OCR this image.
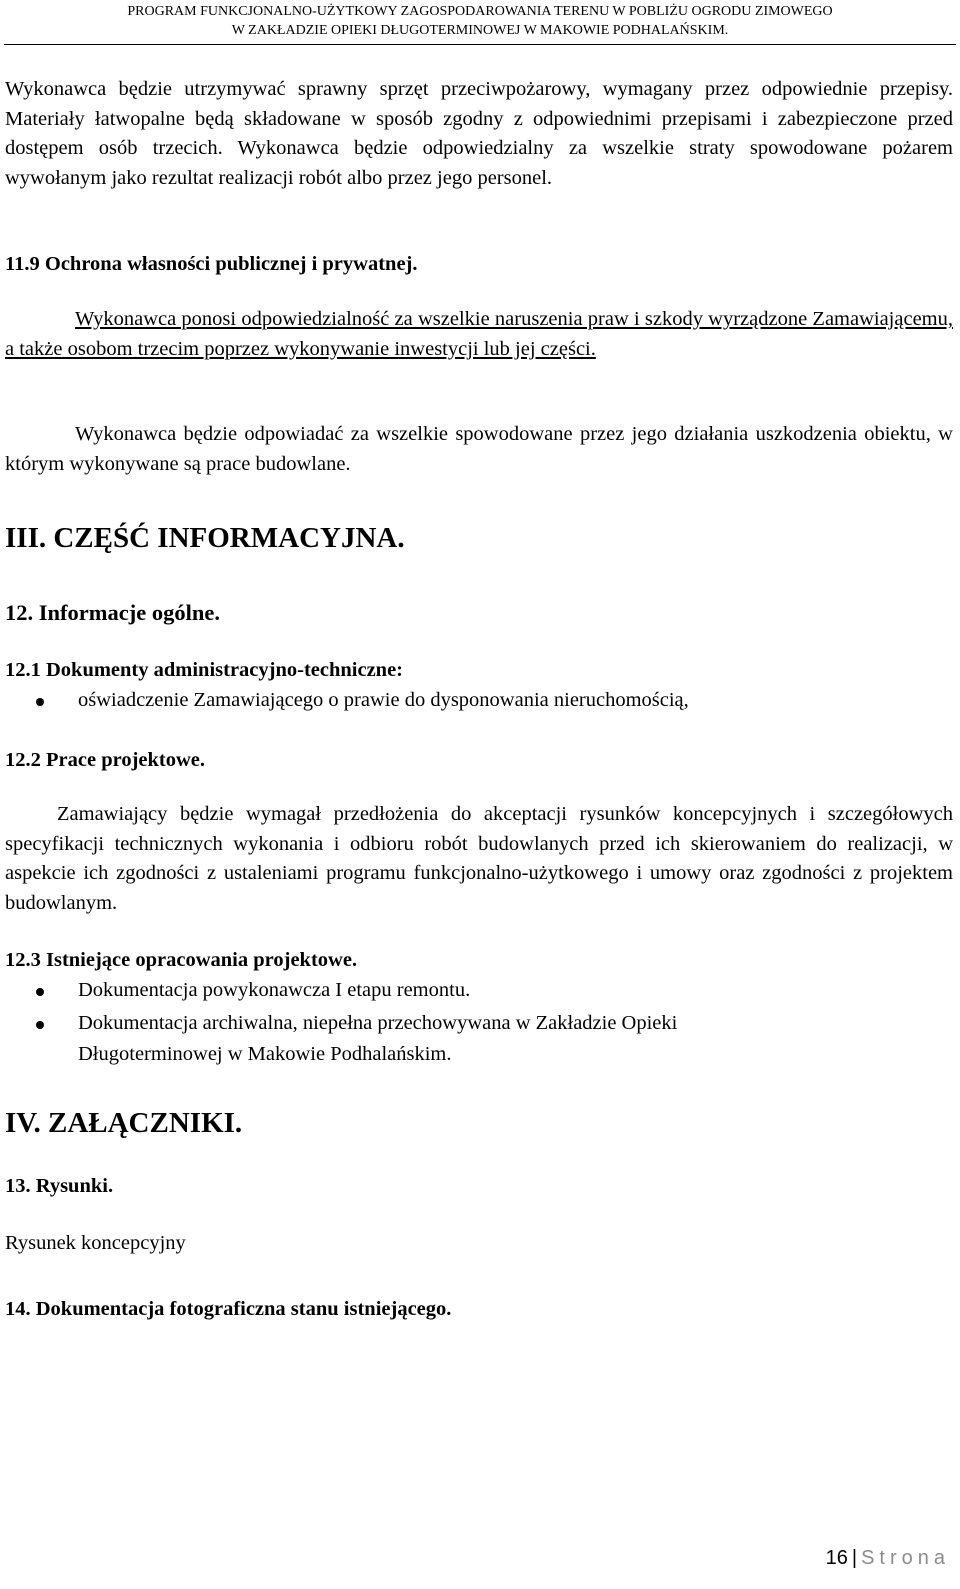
PROGRAM FUNKCJONALNO-UŻYTKOWY ZAGOSPODAROWANIA TERENU W POBLIŻU OGRODU ZIMOWEGO
W ZAKŁADZIE OPIEKI DŁUGOTERMINOWEJ W MAKOWIE PODHALAŃSKIM.

Wykonawca będzie utrzymywać sprawny sprzęt przeciwpożarowy, wymagany przez odpowiednie przepisy. Materiały łatwopalne będą składowane w sposób zgodny z odpowiednimi przepisami i zabezpieczone przed dostępem osób trzecich. Wykonawca będzie odpowiedzialny za wszelkie straty spowodowane pożarem wywołanym jako rezultat realizacji robót albo przez jego personel.

11.9 Ochrona własności publicznej i prywatnej.

Wykonawca ponosi odpowiedzialność za wszelkie naruszenia praw i szkody wyrządzone Zamawiającemu, a także osobom trzecim poprzez wykonywanie inwestycji lub jej części.

Wykonawca będzie odpowiadać za wszelkie spowodowane przez jego działania uszkodzenia obiektu, w którym wykonywane są prace budowlane.

III. CZĘŚĆ INFORMACYJNA.

12. Informacje ogólne.

12.1 Dokumenty administracyjno-techniczne:

oświadczenie Zamawiającego o prawie do dysponowania nieruchomością,

12.2 Prace projektowe.

Zamawiający będzie wymagał przedłożenia do akceptacji rysunków koncepcyjnych i szczegółowych specyfikacji technicznych wykonania i odbioru robót budowlanych przed ich skierowaniem do realizacji, w aspekcie ich zgodności z ustaleniami programu funkcjonalno-użytkowego i umowy oraz zgodności z projektem budowlanym.

12.3 Istniejące opracowania projektowe.

Dokumentacja powykonawcza I etapu remontu.
Dokumentacja archiwalna, niepełna przechowywana w Zakładzie Opieki
Długoterminowej w Makowie Podhalańskim.

IV. ZAŁĄCZNIKI.

13. Rysunki.

Rysunek koncepcyjny

14. Dokumentacja fotograficzna stanu istniejącego.

16 | Strona
